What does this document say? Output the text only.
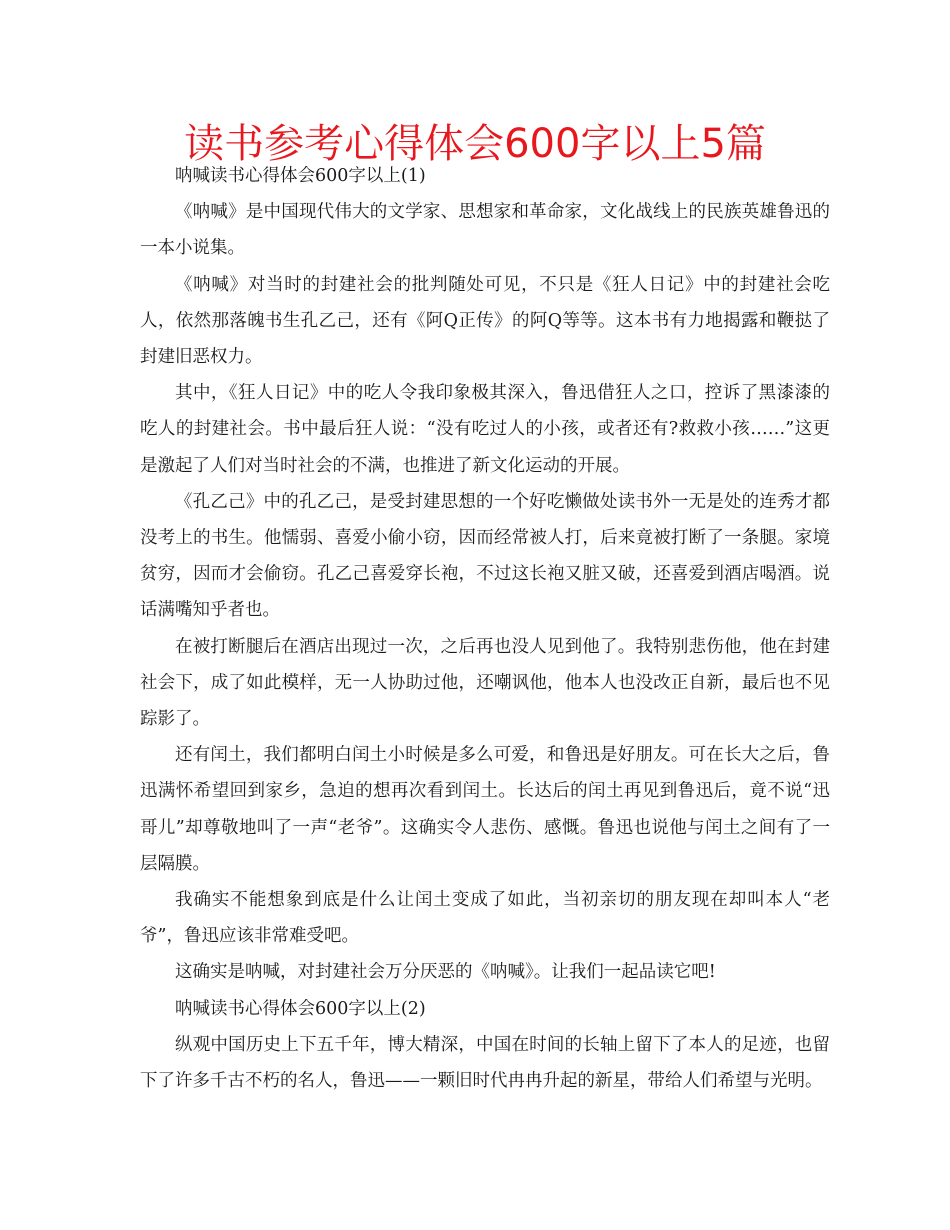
读书参考心得体会600字以上5篇

呐喊读书心得体会600字以上(1)

《呐喊》是中国现代伟大的文学家、思想家和革命家，文化战线上的民族英雄鲁迅的一本小说集。

《呐喊》对当时的封建社会的批判随处可见，不只是《狂人日记》中的封建社会吃人，依然那落魄书生孔乙己，还有《阿Q正传》的阿Q等等。这本书有力地揭露和鞭挞了封建旧恶权力。

其中，《狂人日记》中的吃人令我印象极其深入，鲁迅借狂人之口，控诉了黑漆漆的吃人的封建社会。书中最后狂人说：“没有吃过人的小孩，或者还有?救救小孩……”这更是激起了人们对当时社会的不满，也推进了新文化运动的开展。

《孔乙己》中的孔乙己，是受封建思想的一个好吃懒做处读书外一无是处的连秀才都没考上的书生。他懦弱、喜爱小偷小窃，因而经常被人打，后来竟被打断了一条腿。家境贫穷，因而才会偷窃。孔乙己喜爱穿长袍，不过这长袍又脏又破，还喜爱到酒店喝酒。说话满嘴知乎者也。

在被打断腿后在酒店出现过一次，之后再也没人见到他了。我特别悲伤他，他在封建社会下，成了如此模样，无一人协助过他，还嘲讽他，他本人也没改正自新，最后也不见踪影了。

还有闰土，我们都明白闰土小时候是多么可爱，和鲁迅是好朋友。可在长大之后，鲁迅满怀希望回到家乡，急迫的想再次看到闰土。长达后的闰土再见到鲁迅后，竟不说“迅哥儿”却尊敬地叫了一声“老爷”。这确实令人悲伤、感慨。鲁迅也说他与闰土之间有了一层隔膜。

我确实不能想象到底是什么让闰土变成了如此，当初亲切的朋友现在却叫本人“老爷”，鲁迅应该非常难受吧。

这确实是呐喊，对封建社会万分厌恶的《呐喊》。让我们一起品读它吧!

呐喊读书心得体会600字以上(2)

纵观中国历史上下五千年，博大精深，中国在时间的长轴上留下了本人的足迹，也留下了许多千古不朽的名人，鲁迅——一颗旧时代冉冉升起的新星，带给人们希望与光明。
